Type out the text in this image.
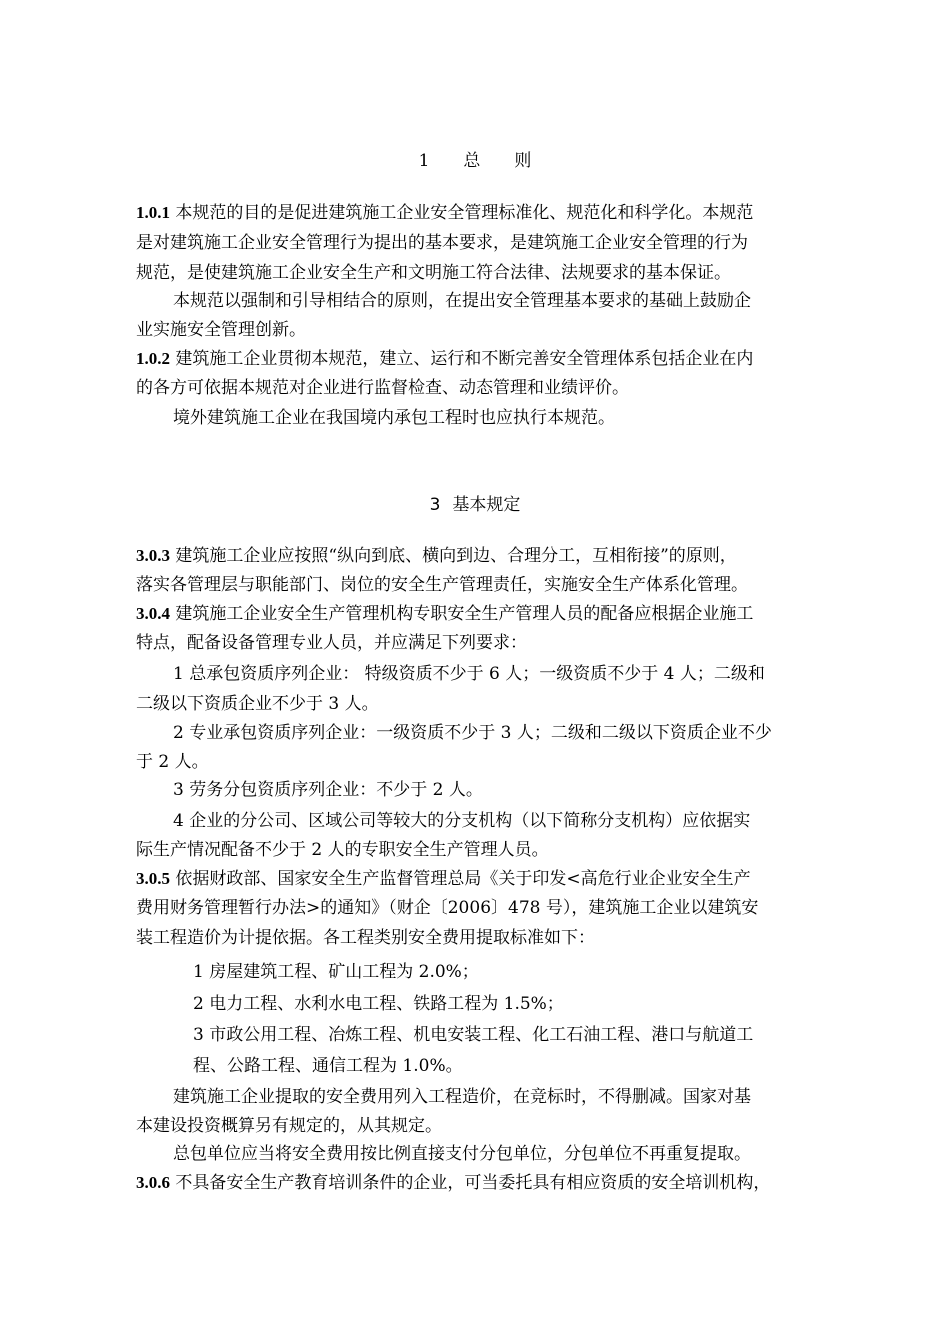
1 总 则
1.0.1 本规范的目的是促进建筑施工企业安全管理标准化、规范化和科学化。本规范
是对建筑施工企业安全管理行为提出的基本要求，是建筑施工企业安全管理的行为
规范，是使建筑施工企业安全生产和文明施工符合法律、法规要求的基本保证。
本规范以强制和引导相结合的原则，在提出安全管理基本要求的基础上鼓励企
业实施安全管理创新。
1.0.2 建筑施工企业贯彻本规范，建立、运行和不断完善安全管理体系包括企业在内
的各方可依据本规范对企业进行监督检查、动态管理和业绩评价。
境外建筑施工企业在我国境内承包工程时也应执行本规范。
3 基本规定
3.0.3 建筑施工企业应按照“纵向到底、横向到边、合理分工，互相衔接”的原则，
落实各管理层与职能部门、岗位的安全生产管理责任，实施安全生产体系化管理。
3.0.4 建筑施工企业安全生产管理机构专职安全生产管理人员的配备应根据企业施工
特点，配备设备管理专业人员，并应满足下列要求：
1 总承包资质序列企业： 特级资质不少于 6 人；一级资质不少于 4 人；二级和
二级以下资质企业不少于 3 人。
2 专业承包资质序列企业：一级资质不少于 3 人；二级和二级以下资质企业不少
于 2 人。
3 劳务分包资质序列企业：不少于 2 人。
4 企业的分公司、区域公司等较大的分支机构（以下简称分支机构）应依据实
际生产情况配备不少于 2 人的专职安全生产管理人员。
3.0.5 依据财政部、国家安全生产监督管理总局《关于印发<高危行业企业安全生产
费用财务管理暂行办法>的通知》（财企〔2006〕478 号），建筑施工企业以建筑安
装工程造价为计提依据。各工程类别安全费用提取标准如下：
1 房屋建筑工程、矿山工程为 2.0%；
2 电力工程、水利水电工程、铁路工程为 1.5%；
3 市政公用工程、冶炼工程、机电安装工程、化工石油工程、港口与航道工
程、公路工程、通信工程为 1.0%。
建筑施工企业提取的安全费用列入工程造价，在竞标时，不得删减。国家对基
本建设投资概算另有规定的，从其规定。
总包单位应当将安全费用按比例直接支付分包单位，分包单位不再重复提取。
3.0.6 不具备安全生产教育培训条件的企业，可当委托具有相应资质的安全培训机构，
